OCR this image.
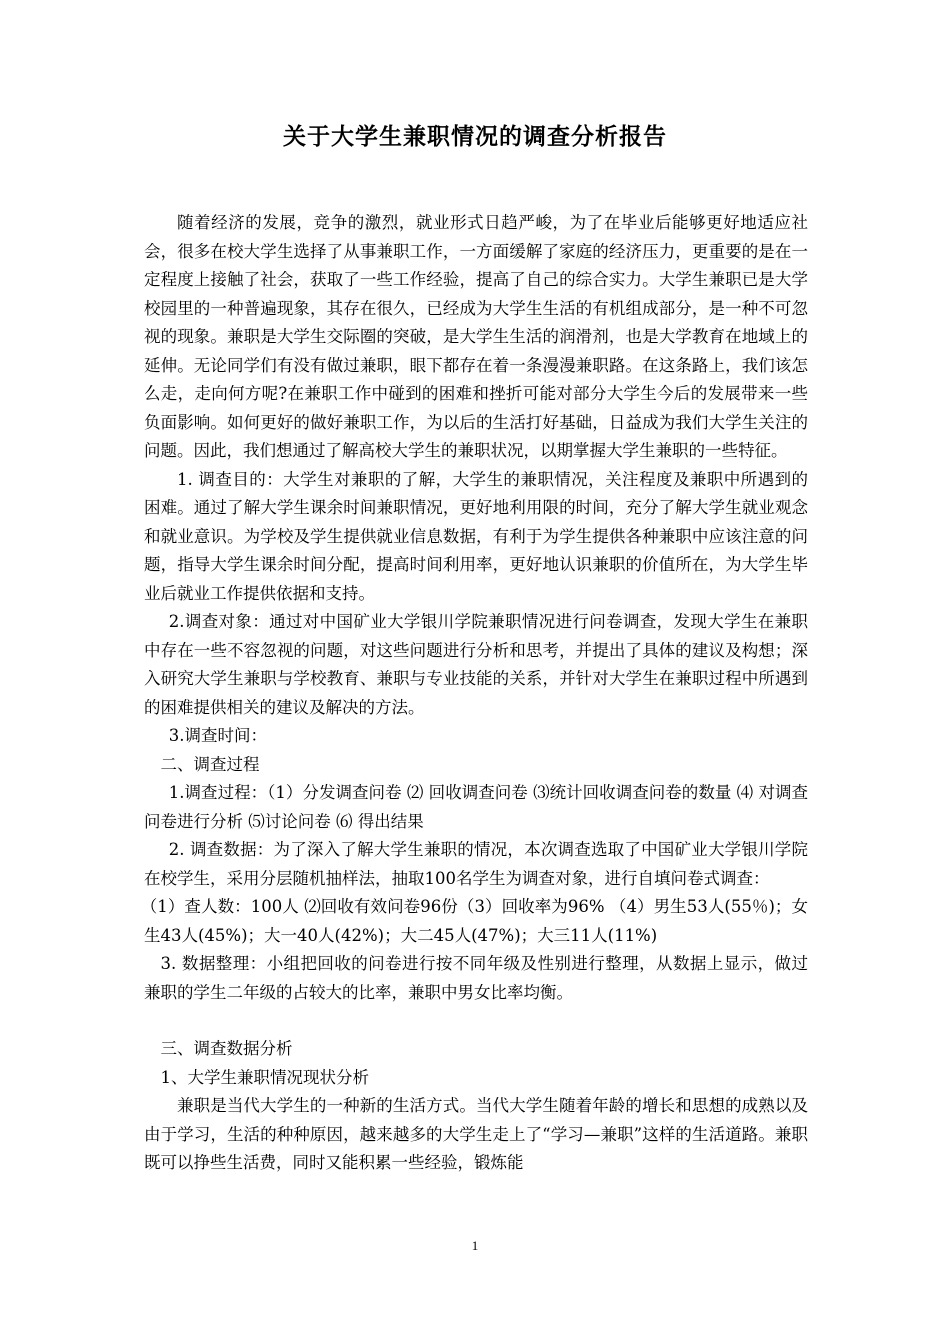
关于大学生兼职情况的调查分析报告

随着经济的发展，竞争的激烈，就业形式日趋严峻，为了在毕业后能够更好地适应社会，很多在校大学生选择了从事兼职工作，一方面缓解了家庭的经济压力，更重要的是在一定程度上接触了社会，获取了一些工作经验，提高了自己的综合实力。大学生兼职已是大学校园里的一种普遍现象，其存在很久，已经成为大学生生活的有机组成部分，是一种不可忽视的现象。兼职是大学生交际圈的突破，是大学生生活的润滑剂，也是大学教育在地域上的延伸。无论同学们有没有做过兼职，眼下都存在着一条漫漫兼职路。在这条路上，我们该怎么走，走向何方呢?在兼职工作中碰到的困难和挫折可能对部分大学生今后的发展带来一些负面影响。如何更好的做好兼职工作，为以后的生活打好基础，日益成为我们大学生关注的问题。因此，我们想通过了解高校大学生的兼职状况，以期掌握大学生兼职的一些特征。

1. 调查目的：大学生对兼职的了解，大学生的兼职情况，关注程度及兼职中所遇到的困难。通过了解大学生课余时间兼职情况，更好地利用限的时间，充分了解大学生就业观念和就业意识。为学校及学生提供就业信息数据，有利于为学生提供各种兼职中应该注意的问题，指导大学生课余时间分配，提高时间利用率，更好地认识兼职的价值所在，为大学生毕业后就业工作提供依据和支持。

2.调查对象：通过对中国矿业大学银川学院兼职情况进行问卷调查，发现大学生在兼职中存在一些不容忽视的问题，对这些问题进行分析和思考，并提出了具体的建议及构想；深入研究大学生兼职与学校教育、兼职与专业技能的关系，并针对大学生在兼职过程中所遇到的困难提供相关的建议及解决的方法。

3.调查时间：

二、调查过程

1.调查过程：（1）分发调查问卷 ⑵ 回收调查问卷 ⑶统计回收调查问卷的数量 ⑷ 对调查问卷进行分析 ⑸讨论问卷 ⑹ 得出结果

2. 调查数据：为了深入了解大学生兼职的情况，本次调查选取了中国矿业大学银川学院在校学生，采用分层随机抽样法，抽取100名学生为调查对象，进行自填问卷式调查：

（1）查人数：100人 ⑵回收有效问卷96份（3）回收率为96% （4）男生53人(55％)；女生43人(45%)；大一40人(42%)；大二45人(47%)；大三11人(11%)

3. 数据整理：小组把回收的问卷进行按不同年级及性别进行整理，从数据上显示，做过兼职的学生二年级的占较大的比率，兼职中男女比率均衡。

三、调查数据分析

1、大学生兼职情况现状分析

兼职是当代大学生的一种新的生活方式。当代大学生随着年龄的增长和思想的成熟以及由于学习，生活的种种原因，越来越多的大学生走上了“学习—兼职”这样的生活道路。兼职既可以挣些生活费，同时又能积累一些经验，锻炼能

1
